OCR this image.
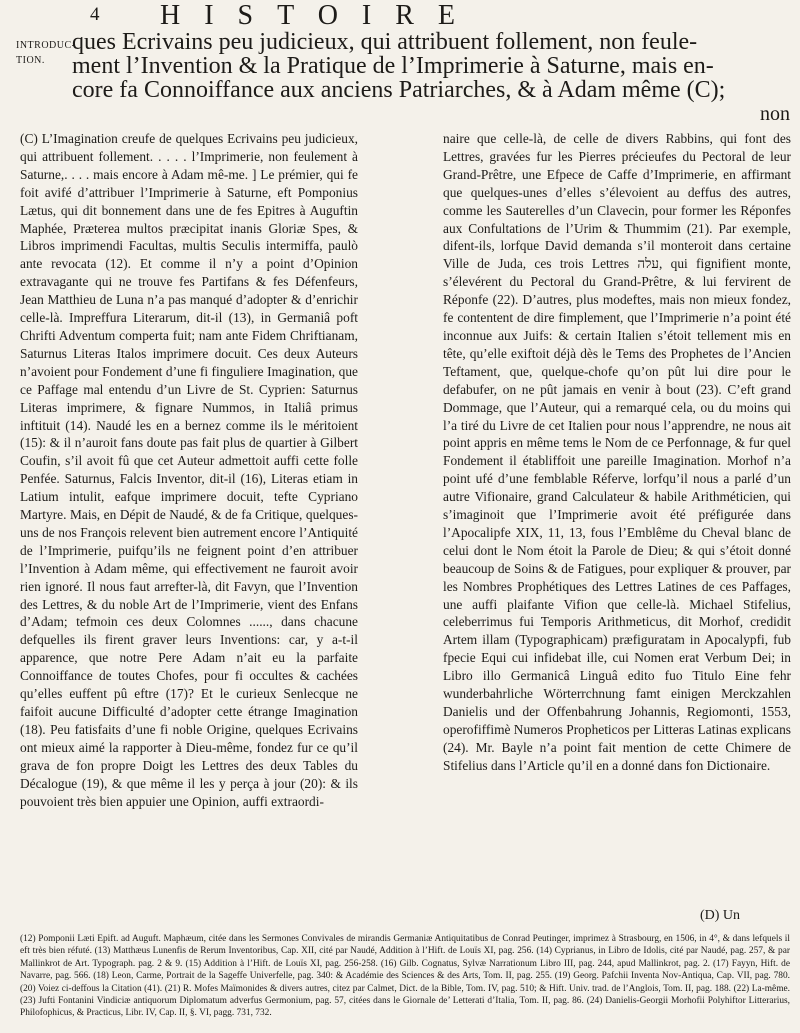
4 HISTOIRE
INTRODUC-TION.
ques Ecrivains peu judicieux, qui attribuent follement, non feule-
ment l’Invention & la Pratique de l’Imprimerie à Saturne, mais en-
core fa Connoiffance aux anciens Patriarches, & à Adam même (C);
non

(C) L’Imagination creufe de quelques Ecrivains peu judicieux, qui attribuent follement. . . . . l’Imprimerie, non feulement à Saturne,. . . . mais encore à Adam mê-me. ] Le prémier, qui fe foit avifé d’attribuer l’Imprimerie à Saturne, eft Pomponius Lætus, qui dit bonnement dans une de fes Epitres à Auguftin Maphée, Præterea multos præcipitat inanis Gloriæ Spes, & Libros imprimendi Facultas, multis Seculis intermiffa, paulò ante revocata (12). Et comme il n’y a point d’Opinion extravagante qui ne trouve fes Partifans & fes Défenfeurs, Jean Matthieu de Luna n’a pas manqué d’adopter & d’enrichir celle-là. Impreffura Literarum, dit-il (13), in Germaniâ poft Chrifti Adventum comperta fuit; nam ante Fidem Chriftianam, Saturnus Literas Italos imprimere docuit. Ces deux Auteurs n’avoient pour Fondement d’une fi finguliere Imagination, que ce Paffage mal entendu d’un Livre de St. Cyprien: Saturnus Literas imprimere, & fignare Nummos, in Italiâ primus inftituit (14). Naudé les en a bernez comme ils le méritoient (15): & il n’auroit fans doute pas fait plus de quartier à Gilbert Coufin, s’il avoit fû que cet Auteur admettoit auffi cette folle Penfée. Saturnus, Falcis Inventor, dit-il (16), Literas etiam in Latium intulit, eafque imprimere docuit, tefte Cypriano Martyre. Mais, en Dépit de Naudé, & de fa Critique, quelques-uns de nos François relevent bien autrement encore l’Antiquité de l’Imprimerie, puifqu’ils ne feignent point d’en attribuer l’Invention à Adam même, qui effectivement ne fauroit avoir rien ignoré. Il nous faut arrefter-là, dit Favyn, que l’Invention des Lettres, & du noble Art de l’Imprimerie, vient des Enfans d’Adam; tefmoin ces deux Colomnes ......, dans chacune defquelles ils firent graver leurs Inventions: car, y a-t-il apparence, que notre Pere Adam n’ait eu la parfaite Connoiffance de toutes Chofes, pour fi occultes & cachées qu’elles euffent pû eftre (17)? Et le curieux Senlecque ne faifoit aucune Difficulté d’adopter cette étrange Imagination (18). Peu fatisfaits d’une fi noble Origine, quelques Ecrivains ont mieux aimé la rapporter à Dieu-même, fondez fur ce qu’il grava de fon propre Doigt les Lettres des deux Tables du Décalogue (19), & que même il les y perça à jour (20): & ils pouvoient très bien appuier une Opinion, auffi extraordi-

naire que celle-là, de celle de divers Rabbins, qui font des Lettres, gravées fur les Pierres précieufes du Pectoral de leur Grand-Prêtre, une Efpece de Caffe d’Imprimerie, en affirmant que quelques-unes d’elles s’élevoient au deffus des autres, comme les Sauterelles d’un Clavecin, pour former les Réponfes aux Confultations de l’Urim & Thummim (21). Par exemple, difent-ils, lorfque David demanda s’il monteroit dans certaine Ville de Juda, ces trois Lettres עלה, qui fignifient monte, s’élevérent du Pectoral du Grand-Prêtre, & lui fervirent de Réponfe (22). D’autres, plus modeftes, mais non mieux fondez, fe contentent de dire fimplement, que l’Imprimerie n’a point été inconnue aux Juifs: & certain Italien s’étoit tellement mis en tête, qu’elle exiftoit déjà dès le Tems des Prophetes de l’Ancien Teftament, que, quelque-chofe qu’on pût lui dire pour le defabufer, on ne pût jamais en venir à bout (23). C’eft grand Dommage, que l’Auteur, qui a remarqué cela, ou du moins qui l’a tiré du Livre de cet Italien pour nous l’apprendre, ne nous ait point appris en même tems le Nom de ce Perfonnage, & fur quel Fondement il établiffoit une pareille Imagination. Morhof n’a point ufé d’une femblable Réferve, lorfqu’il nous a parlé d’un autre Vifionaire, grand Calculateur & habile Arithméticien, qui s’imaginoit que l’Imprimerie avoit été préfigurée dans l’Apocalipfe XIX, 11, 13, fous l’Emblême du Cheval blanc de celui dont le Nom étoit la Parole de Dieu; & qui s’étoit donné beaucoup de Soins & de Fatigues, pour expliquer & prouver, par les Nombres Prophétiques des Lettres Latines de ces Paffages, une auffi plaifante Vifion que celle-là. Michael Stifelius, celeberrimus fui Temporis Arithmeticus, dit Morhof, credidit Artem illam (Typographicam) præfiguratam in Apocalypfi, fub fpecie Equi cui infidebat ille, cui Nomen erat Verbum Dei; in Libro illo Germanicâ Linguâ edito fuo Titulo Eine fehr wunderbahrliche Wörterrchnung famt einigen Merckzahlen Danielis und der Offenbahrung Johannis, Regiomonti, 1553, operofiffimè Numeros Propheticos per Litteras Latinas explicans (24). Mr. Bayle n’a point fait mention de cette Chimere de Stifelius dans l’Article qu’il en a donné dans fon Dictionaire.

(D) Un

(12) Pomponii Læti Epift. ad Auguft. Maphæum, citée dans les Sermones Convivales de mirandis Germaniæ Antiquitatibus de Conrad Peutinger, imprimez à Strasbourg, en 1506, in 4°, & dans lefquels il eft très bien réfuté. (13) Matthæus Lunenfis de Rerum Inventoribus, Cap. XII, cité par Naudé, Addition à l’Hift. de Louïs XI, pag. 256. (14) Cyprianus, in Libro de Idolis, cité par Naudé, pag. 257, & par Mallinkrot de Art. Typograph. pag. 2 & 9. (15) Addition à l’Hift. de Louïs XI, pag. 256-258. (16) Gilb. Cognatus, Sylvæ Narrationum Libro III, pag. 244, apud Mallinkrot, pag. 2. (17) Fayyn, Hift. de Navarre, pag. 566. (18) Leon, Carme, Portrait de la Sageffe Univerfelle, pag. 340: & Académie des Sciences & des Arts, Tom. II, pag. 255. (19) Georg. Pafchii Inventa Nov-Antiqua, Cap. VII, pag. 780. (20) Voiez ci-deffous la Citation (41). (21) R. Mofes Maïmonides & divers autres, citez par Calmet, Dict. de la Bible, Tom. IV, pag. 510; & Hift. Univ. trad. de l’Anglois, Tom. II, pag. 188. (22) La-même. (23) Jufti Fontanini Vindiciæ antiquorum Diplomatum adverfus Germonium, pag. 57, citées dans le Giornale de’ Letterati d’Italia, Tom. II, pag. 86. (24) Danielis-Georgii Morhofii Polyhiftor Litterarius, Philofophicus, & Practicus, Libr. IV, Cap. II, §. VI, pagg. 731, 732.
